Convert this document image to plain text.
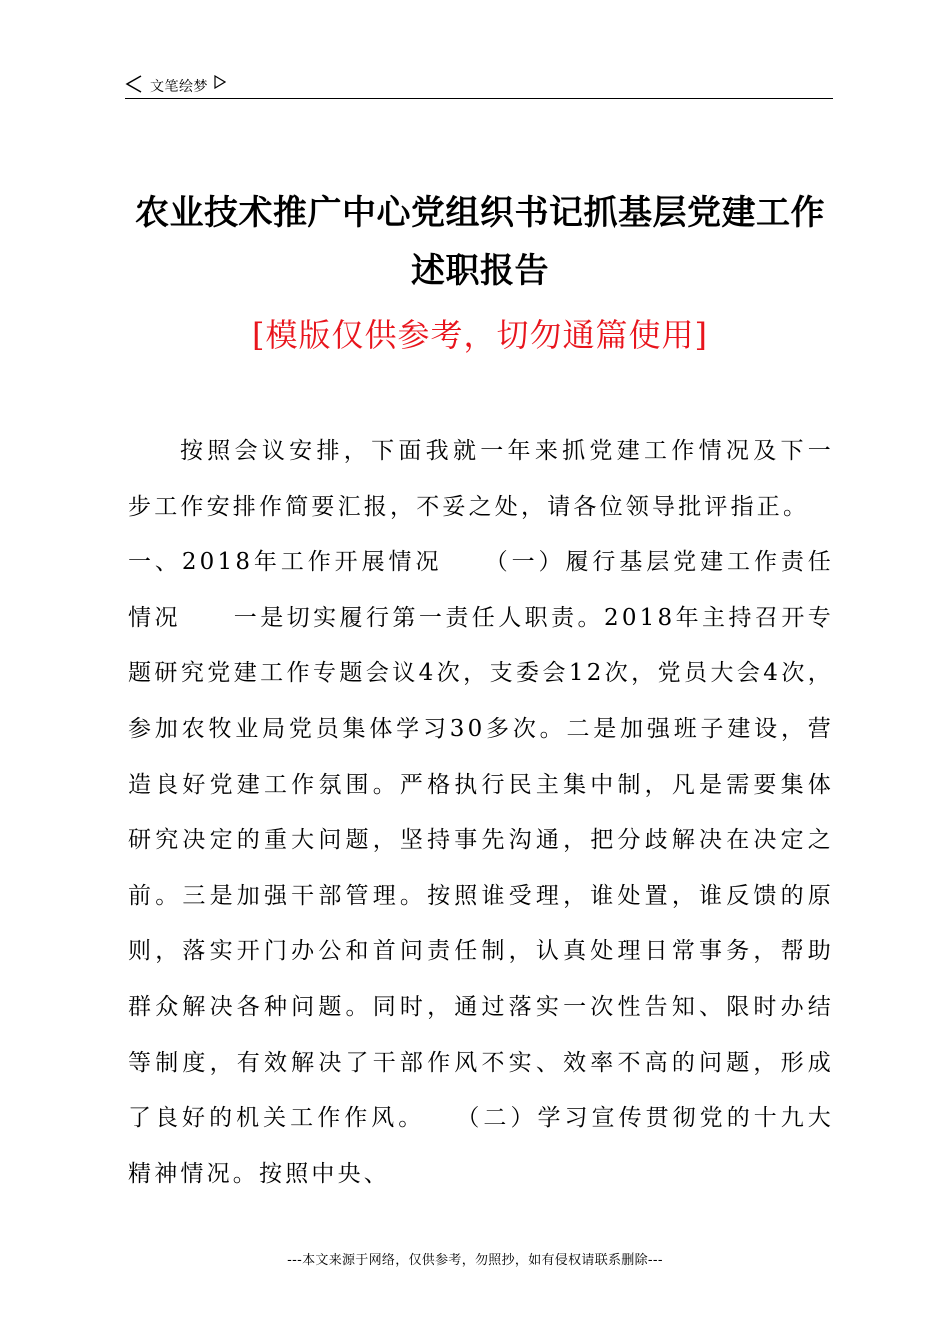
文笔绘梦
农业技术推广中心党组织书记抓基层党建工作
述职报告
[模版仅供参考，切勿通篇使用]

按照会议安排，下面我就一年来抓党建工作情况及下一步工作安排作简要汇报，不妥之处，请各位领导批评指正。

一、2018年工作开展情况　　（一）履行基层党建工作责任情况　　一是切实履行第一责任人职责。2018年主持召开专题研究党建工作专题会议4次，支委会12次，党员大会4次，参加农牧业局党员集体学习30多次。二是加强班子建设，营造良好党建工作氛围。严格执行民主集中制，凡是需要集体研究决定的重大问题，坚持事先沟通，把分歧解决在决定之前。三是加强干部管理。按照谁受理，谁处置，谁反馈的原则，落实开门办公和首问责任制，认真处理日常事务，帮助群众解决各种问题。同时，通过落实一次性告知、限时办结等制度，有效解决了干部作风不实、效率不高的问题，形成了良好的机关工作作风。　　（二）学习宣传贯彻党的十九大精神情况。按照中央、

---本文来源于网络，仅供参考，勿照抄，如有侵权请联系删除---
